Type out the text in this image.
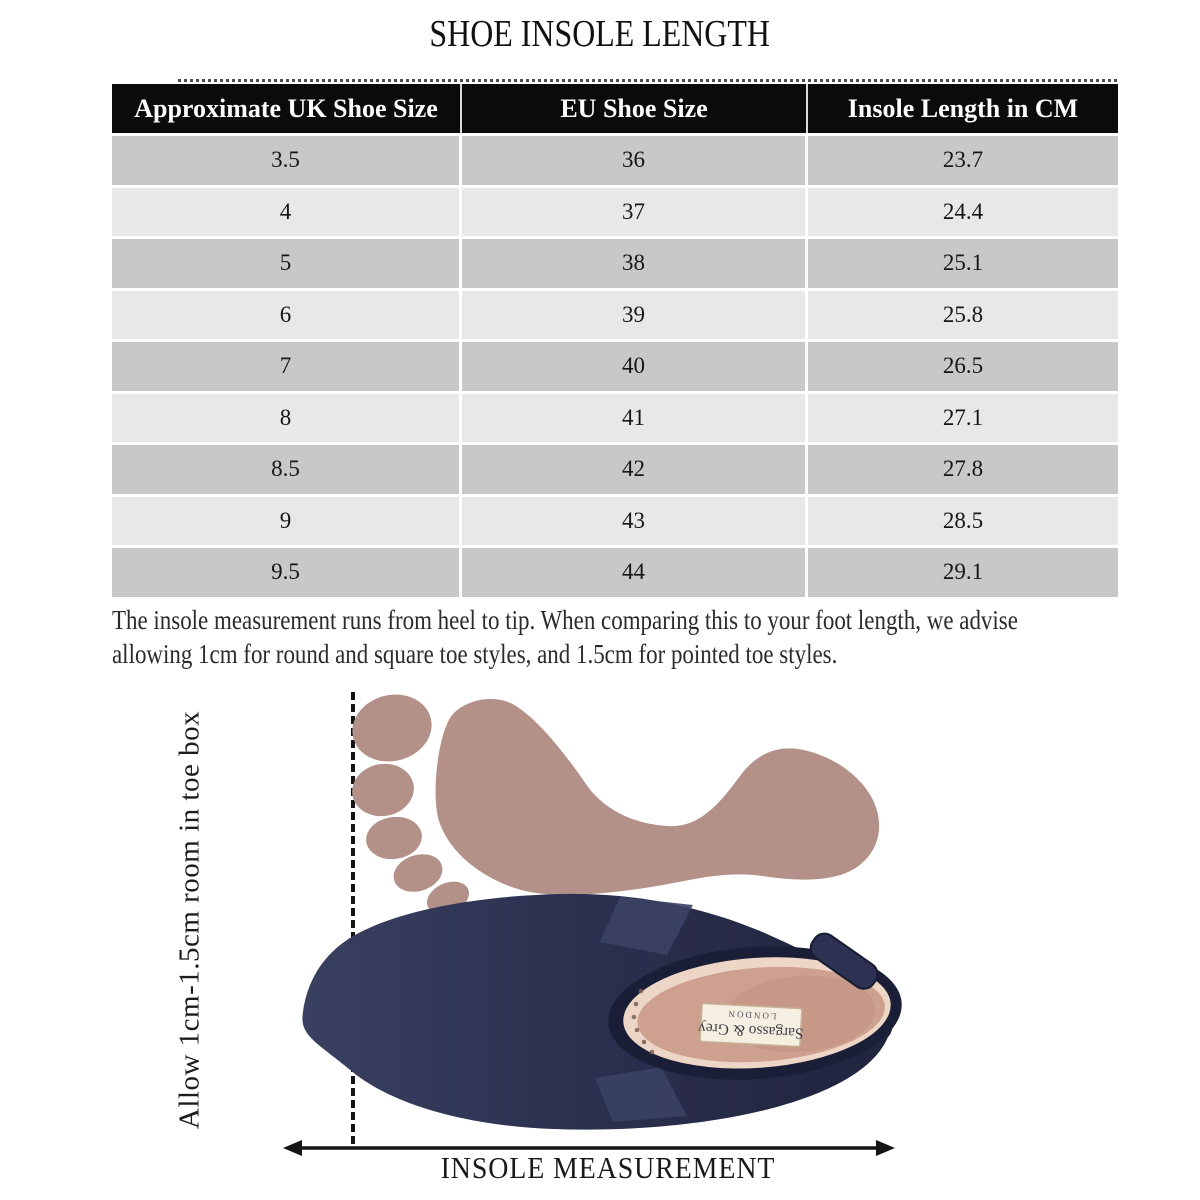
SHOE INSOLE LENGTH
Approximate UK Shoe Size	EU Shoe Size	Insole Length in CM
3.5	36	23.7
4	37	24.4
5	38	25.1
6	39	25.8
7	40	26.5
8	41	27.1
8.5	42	27.8
9	43	28.5
9.5	44	29.1
The insole measurement runs from heel to tip. When comparing this to your foot length, we advise
allowing 1cm for round and square toe styles, and 1.5cm for pointed toe styles.
Allow 1cm-1.5cm room in toe box	Sargasso & Grey
LONDON
INSOLE MEASUREMENT
